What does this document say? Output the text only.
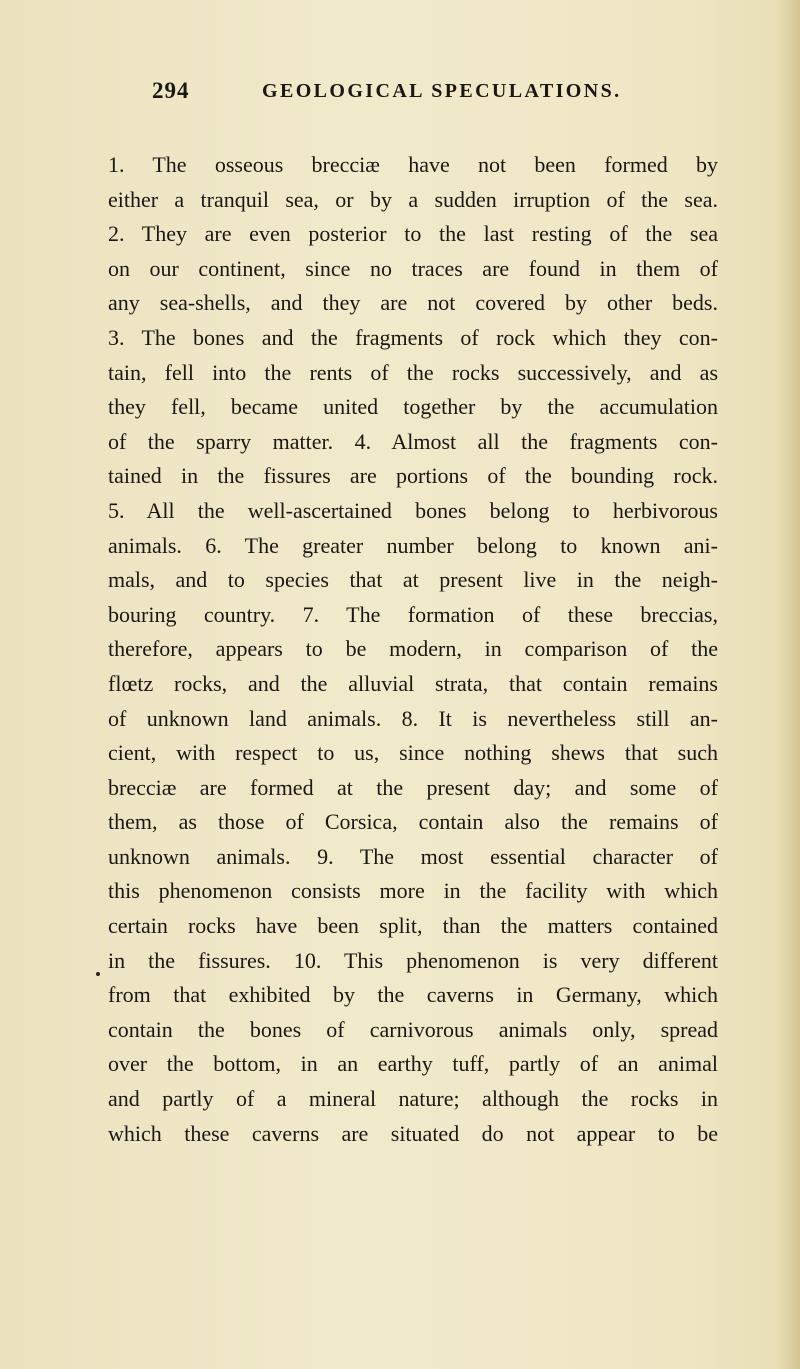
294	GEOLOGICAL SPECULATIONS.
1. The osseous brecciæ have not been formed by
either a tranquil sea, or by a sudden irruption of the sea.
2. They are even posterior to the last resting of the sea
on our continent, since no traces are found in them of
any sea-shells, and they are not covered by other beds.
3. The bones and the fragments of rock which they con-
tain, fell into the rents of the rocks successively, and as
they fell, became united together by the accumulation
of the sparry matter. 4. Almost all the fragments con-
tained in the fissures are portions of the bounding rock.
5. All the well-ascertained bones belong to herbivorous
animals. 6. The greater number belong to known ani-
mals, and to species that at present live in the neigh-
bouring country. 7. The formation of these breccias,
therefore, appears to be modern, in comparison of the
flœtz rocks, and the alluvial strata, that contain remains
of unknown land animals. 8. It is nevertheless still an-
cient, with respect to us, since nothing shews that such
brecciæ are formed at the present day; and some of
them, as those of Corsica, contain also the remains of
unknown animals. 9. The most essential character of
this phenomenon consists more in the facility with which
certain rocks have been split, than the matters contained
in the fissures. 10. This phenomenon is very different
from that exhibited by the caverns in Germany, which
contain the bones of carnivorous animals only, spread
over the bottom, in an earthy tuff, partly of an animal
and partly of a mineral nature; although the rocks in
which these caverns are situated do not appear to be
